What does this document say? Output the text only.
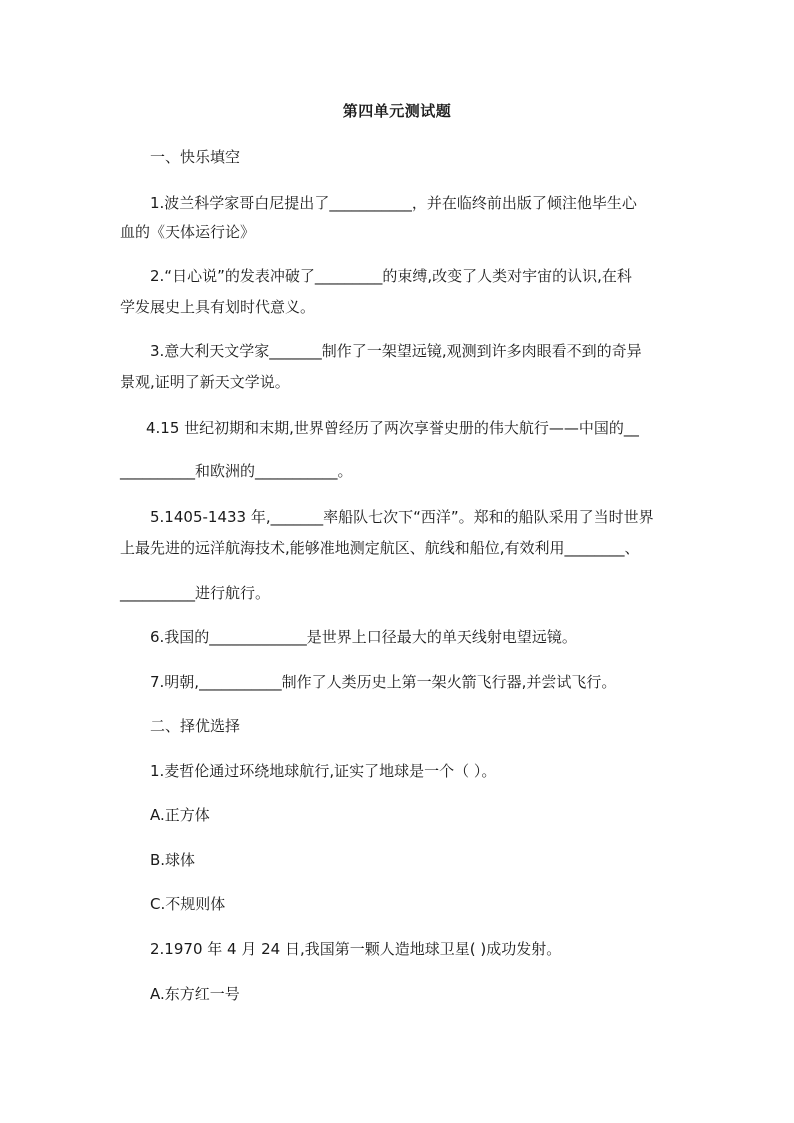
第四单元测试题
一、快乐填空
1.波兰科学家哥白尼提出了___________，并在临终前出版了倾注他毕生心
血的《天体运行论》
2.“日心说”的发表冲破了_________的束缚,改变了人类对宇宙的认识,在科
学发展史上具有划时代意义。
3.意大利天文学家_______制作了一架望远镜,观测到许多肉眼看不到的奇异
景观,证明了新天文学说。
4.15 世纪初期和末期,世界曾经历了两次享誉史册的伟大航行——中国的__
__________和欧洲的___________。
5.1405-1433 年,_______率船队七次下“西洋”。郑和的船队采用了当时世界
上最先进的远洋航海技术,能够准地测定航区、航线和船位,有效利用________、
__________进行航行。
6.我国的_____________是世界上口径最大的单天线射电望远镜。
7.明朝,___________制作了人类历史上第一架火箭飞行器,并尝试飞行。
二、择优选择
1.麦哲伦通过环绕地球航行,证实了地球是一个（ ）。
A.正方体
B.球体
C.不规则体
2.1970 年 4 月 24 日,我国第一颗人造地球卫星( )成功发射。
A.东方红一号
